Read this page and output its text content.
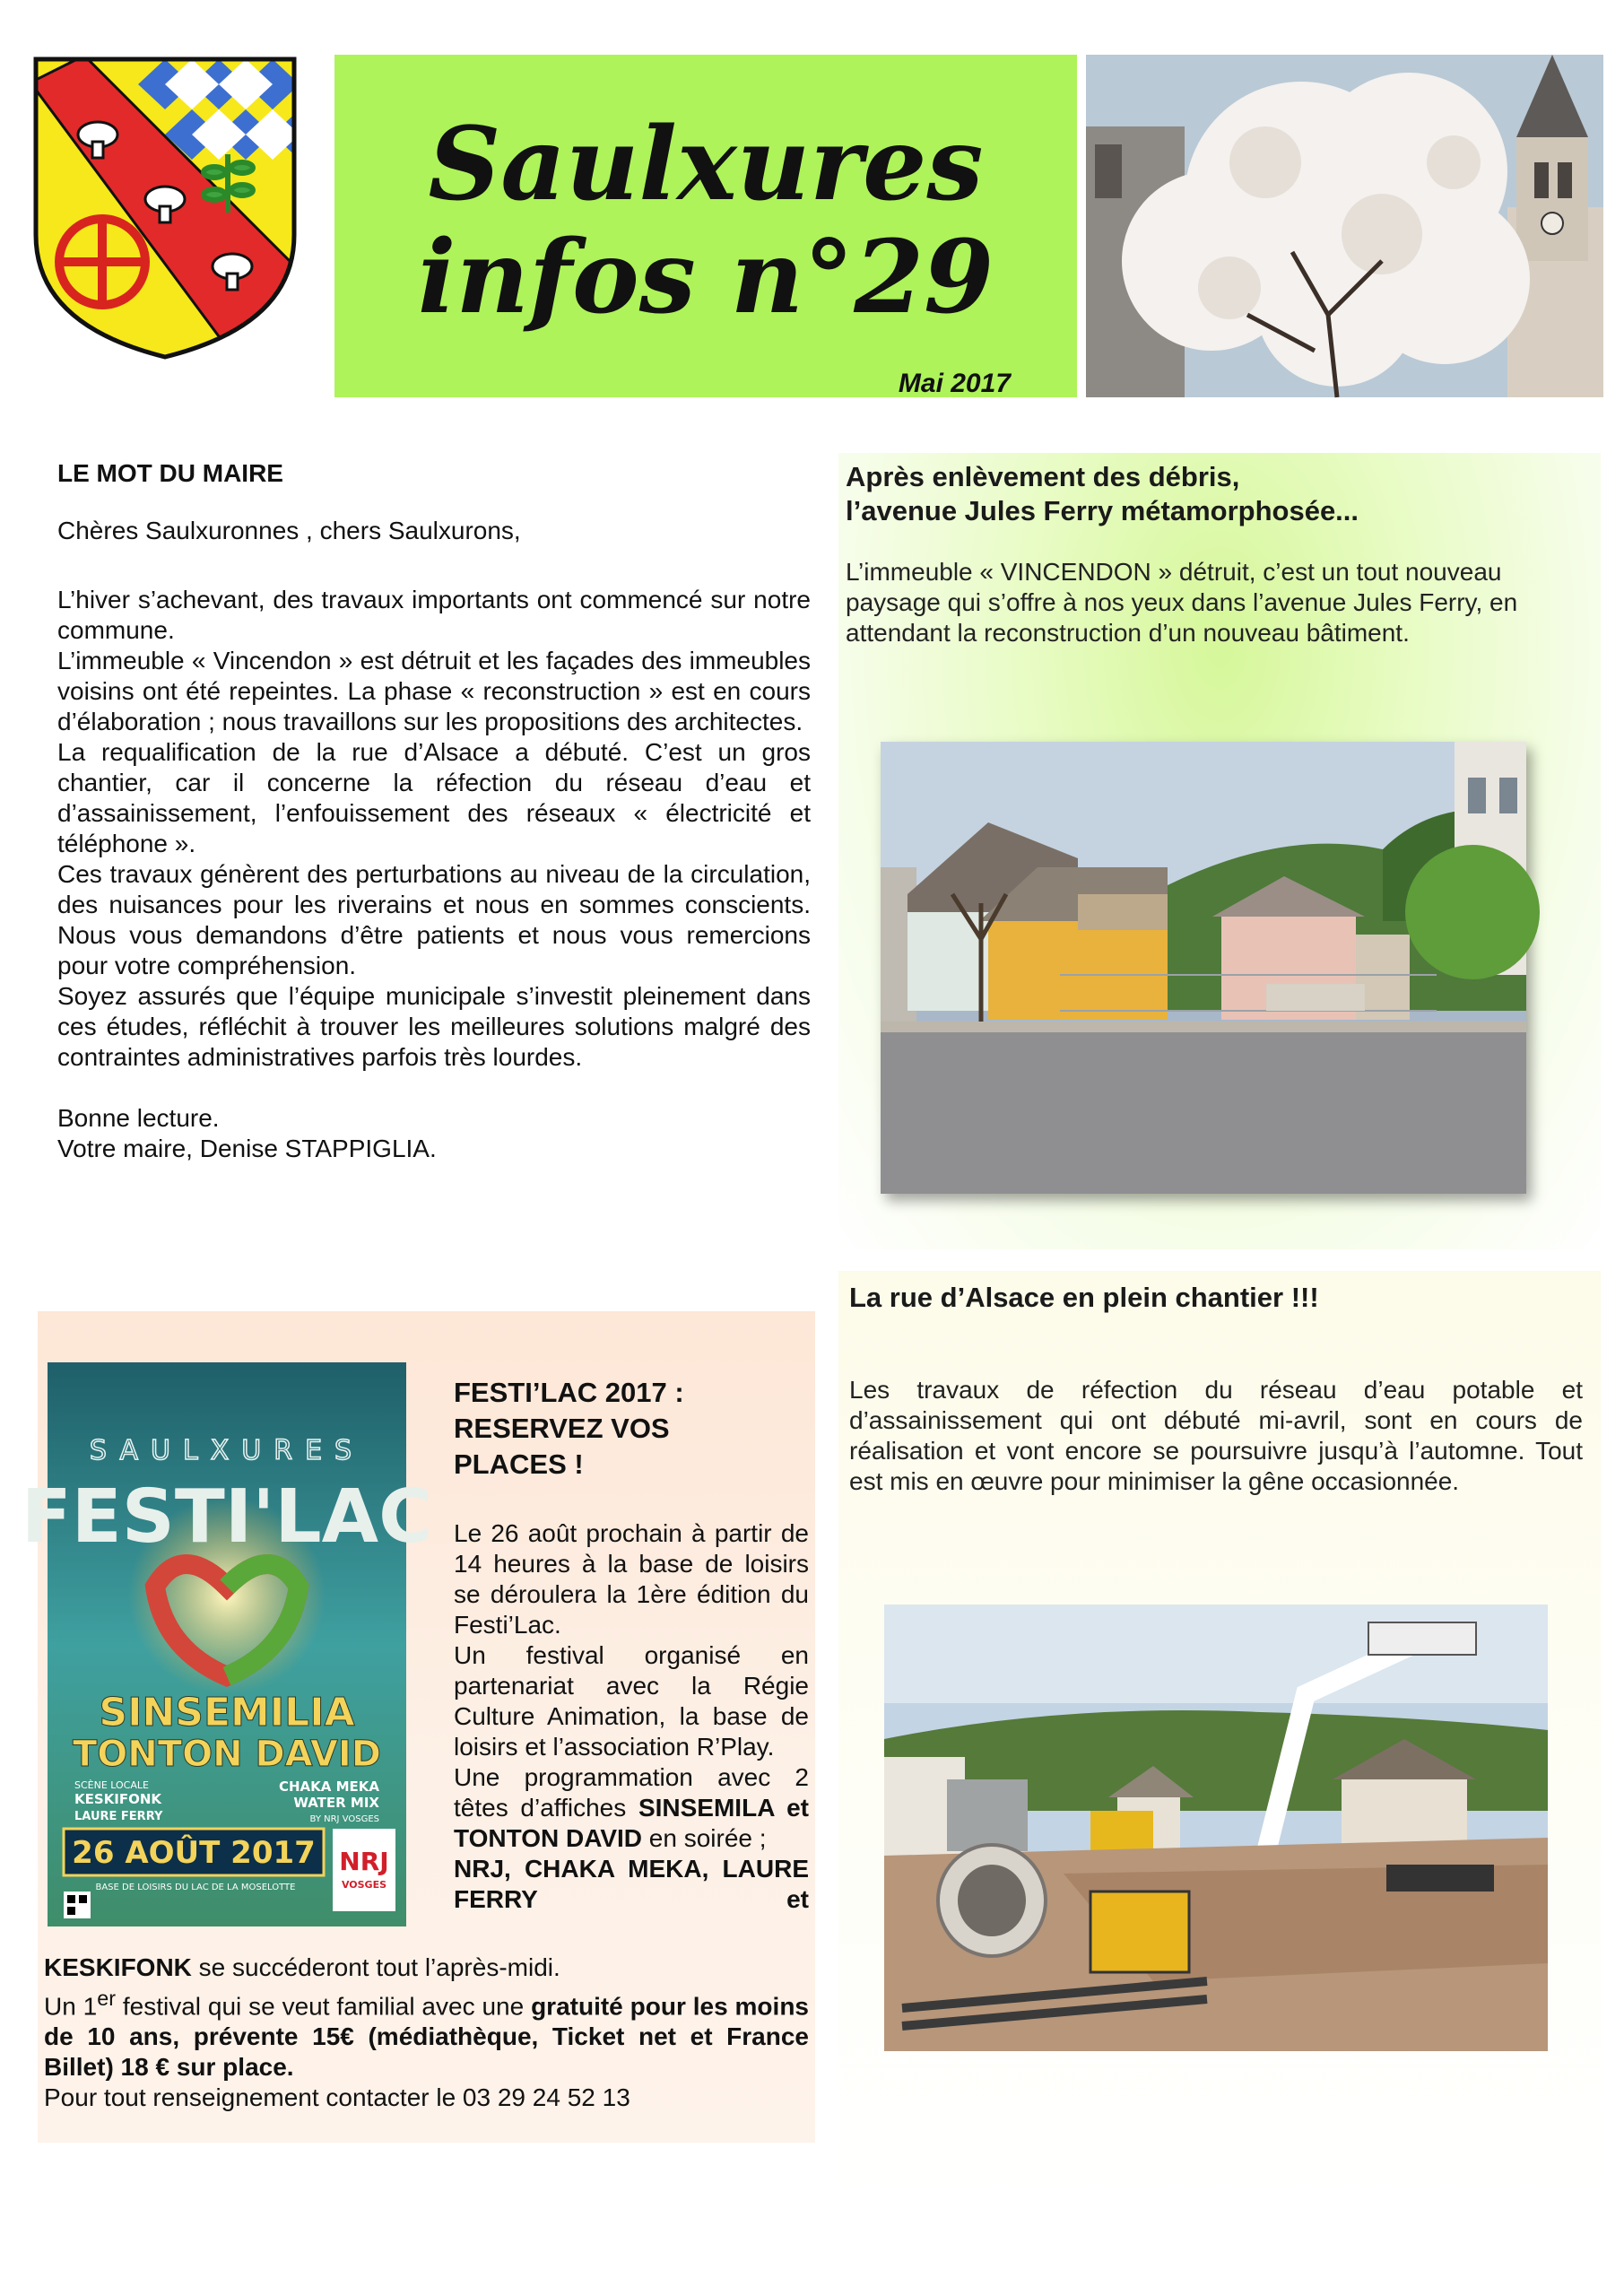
Saulxures
infos n°29
Mai 2017
LE MOT DU MAIRE
Chères Saulxuronnes , chers Saulxurons,
L’hiver s’achevant, des travaux importants ont commencé sur notre commune.
L’immeuble « Vincendon » est détruit et les façades des immeubles voisins ont été repeintes. La phase « reconstruction » est en cours d’élaboration ; nous travaillons sur les propositions des architectes.
La requalification de la rue d’Alsace a débuté. C’est un gros chantier, car il concerne la réfection du réseau d’eau et d’assainissement, l’enfouissement des réseaux « électricité et téléphone ».
Ces travaux génèrent des perturbations au niveau de la circulation, des nuisances pour les riverains et nous en sommes conscients. Nous vous demandons d’être patients et nous vous remercions pour votre compréhension.
Soyez assurés que l’équipe municipale s’investit pleinement dans ces études, réfléchit à trouver les meilleures solutions malgré des contraintes administratives parfois très lourdes.
Bonne lecture.
Votre maire, Denise STAPPIGLIA.
Après enlèvement des débris,
l’avenue Jules Ferry métamorphosée...
L’immeuble « VINCENDON » détruit, c’est un tout nouveau paysage qui s’offre à nos yeux dans l’avenue Jules Ferry, en attendant la reconstruction d’un nouveau bâtiment.
La rue d’Alsace en plein chantier !!!
Les travaux de réfection du réseau d’eau potable et d’assainissement qui ont débuté mi-avril, sont en cours de réalisation et vont encore se poursuivre jusqu’à l’automne. Tout est mis en œuvre pour minimiser la gêne occasionnée.
SAULXURES
FESTI'LAC
SINSEMILIA
TONTON DAVID
SCÈNE LOCALE
KESKIFONK
LAURE FERRY
CHAKA MEKA
WATER MIX
BY NRJ VOSGES
26 AOÛT 2017
BASE DE LOISIRS DU LAC DE LA MOSELOTTE
NRJ
VOSGES
FESTI’LAC 2017 :
RESERVEZ VOS
PLACES !
Le 26 août prochain à partir de 14 heures à la base de loisirs se déroulera la 1ère édition du Festi’Lac.
Un festival organisé en partenariat avec la Régie Culture Animation, la base de loisirs et l’association R’Play.
Une programmation avec 2 têtes d’affiches SINSEMILA et TONTON DAVID en soirée ;
NRJ, CHAKA MEKA, LAURE FERRY et
KESKIFONK se succéderont tout l’après-midi.
Un 1er festival qui se veut familial avec une gratuité pour les moins de 10 ans, prévente 15€ (médiathèque, Ticket net et France Billet) 18 € sur place.
Pour tout renseignement contacter le 03 29 24 52 13
